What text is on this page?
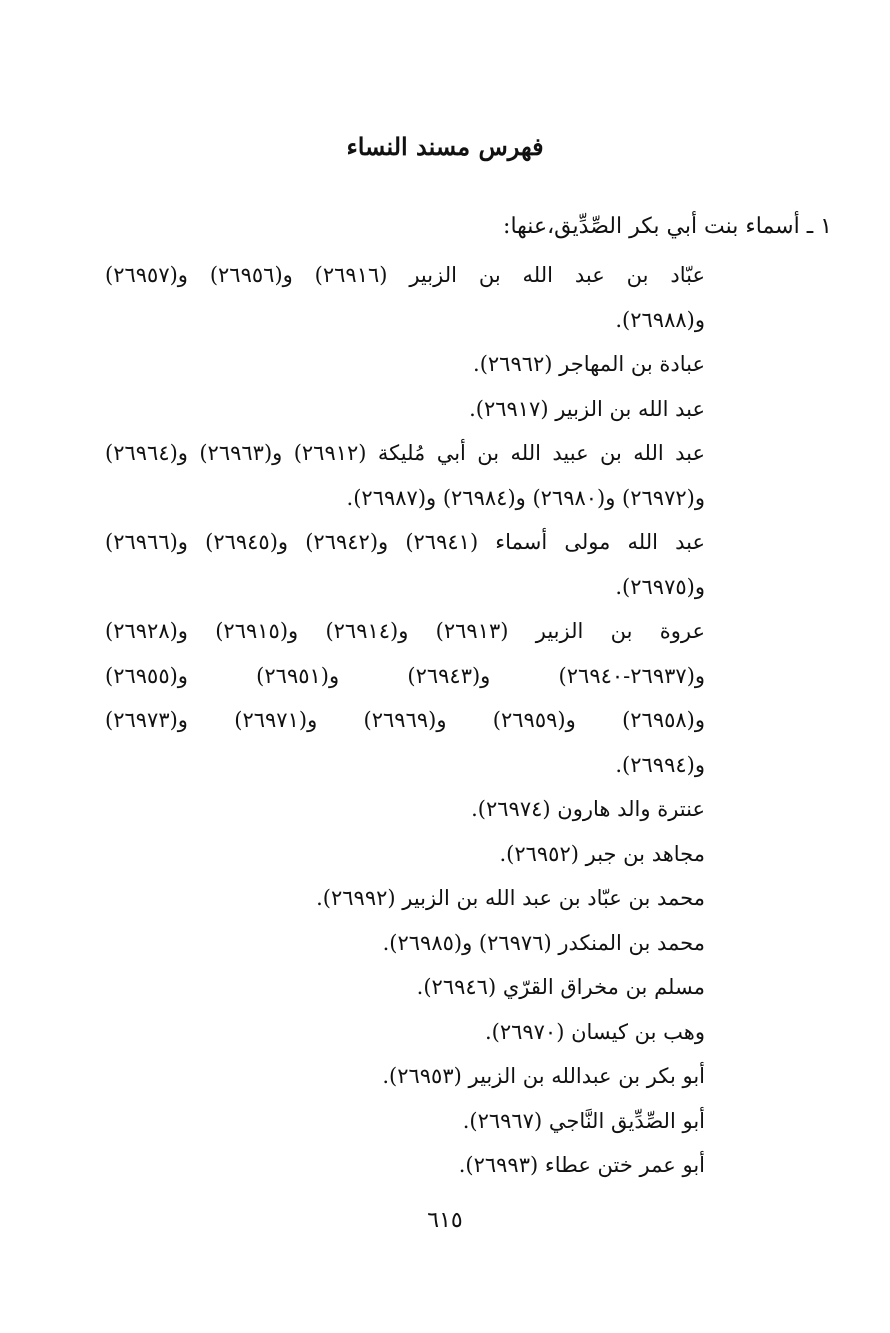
فهرس مسند النساء
١ ـ أسماء بنت أبي بكر الصِّدِّيق،عنها:
عبّاد بن عبد الله بن الزبير (٢٦٩١٦) و(٢٦٩٥٦) و(٢٦٩٥٧)
و(٢٦٩٨٨).
عبادة بن المهاجر (٢٦٩٦٢).
عبد الله بن الزبير (٢٦٩١٧).
عبد الله بن عبيد الله بن أبي مُليكة (٢٦٩١٢) و(٢٦٩٦٣) و(٢٦٩٦٤)
و(٢٦٩٧٢) و(٢٦٩٨٠) و(٢٦٩٨٤) و(٢٦٩٨٧).
عبد الله مولى أسماء (٢٦٩٤١) و(٢٦٩٤٢) و(٢٦٩٤٥) و(٢٦٩٦٦)
و(٢٦٩٧٥).
عروة بن الزبير (٢٦٩١٣) و(٢٦٩١٤) و(٢٦٩١٥) و(٢٦٩٢٨)
و(٢٦٩٣٧-٢٦٩٤٠) و(٢٦٩٤٣) و(٢٦٩٥١) و(٢٦٩٥٥)
و(٢٦٩٥٨) و(٢٦٩٥٩) و(٢٦٩٦٩) و(٢٦٩٧١) و(٢٦٩٧٣)
و(٢٦٩٩٤).
عنترة والد هارون (٢٦٩٧٤).
مجاهد بن جبر (٢٦٩٥٢).
محمد بن عبّاد بن عبد الله بن الزبير (٢٦٩٩٢).
محمد بن المنكدر (٢٦٩٧٦) و(٢٦٩٨٥).
مسلم بن مخراق القرّي (٢٦٩٤٦).
وهب بن كيسان (٢٦٩٧٠).
أبو بكر بن عبدالله بن الزبير (٢٦٩٥٣).
أبو الصِّدِّيق النَّاجي (٢٦٩٦٧).
أبو عمر ختن عطاء (٢٦٩٩٣).
٦١٥
